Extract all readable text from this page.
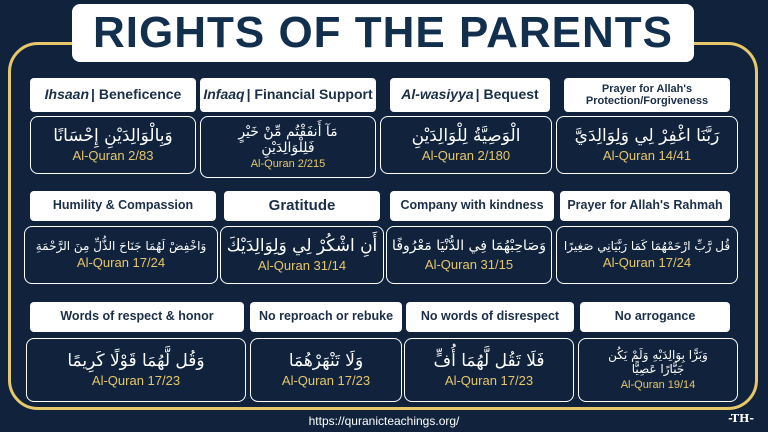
RIGHTS OF THE PARENTS
Ihsaan | Beneficence
وَبِالْوَالِدَيْنِ إِحْسَانًا
Al-Quran 2/83
Infaaq | Financial Support
مَآ أَنفَقْتُم مِّنْ خَيْرٍ
فَلِلْوَالِدَيْنِ
Al-Quran 2/215
Al-wasiyya | Bequest
الْوَصِيَّةُ لِلْوَالِدَيْنِ
Al-Quran 2/180
Prayer for Allah's Protection/Forgiveness
رَبَّنَا اغْفِرْ لِي وَلِوَالِدَيَّ
Al-Quran 14/41
Humility & Compassion
وَاخْفِضْ لَهُمَا جَنَاحَ الذُّلِّ مِنَ الرَّحْمَةِ
Al-Quran 17/24
Gratitude
أَنِ اشْكُرْ لِي وَلِوَالِدَيْكَ
Al-Quran 31/14
Company with kindness
وَصَاحِبْهُمَا فِي الدُّنْيَا مَعْرُوفًا
Al-Quran 31/15
Prayer for Allah's Rahmah
قُل رَّبِّ ارْحَمْهُمَا كَمَا رَبَّيَانِي صَغِيرًا
Al-Quran 17/24
Words of respect & honor
وَقُل لَّهُمَا قَوْلًا كَرِيمًا
Al-Quran 17/23
No reproach or rebuke
وَلَا تَنْهَرْهُمَا
Al-Quran 17/23
No words of disrespect
فَلَا تَقُل لَّهُمَا أُفٍّ
Al-Quran 17/23
No arrogance
وَبَرًّا بِوَالِدَيْهِ وَلَمْ يَكُن
جَبَّارًا عَصِيًّا
Al-Quran 19/14
https://quranicteachings.org/	-TH-
